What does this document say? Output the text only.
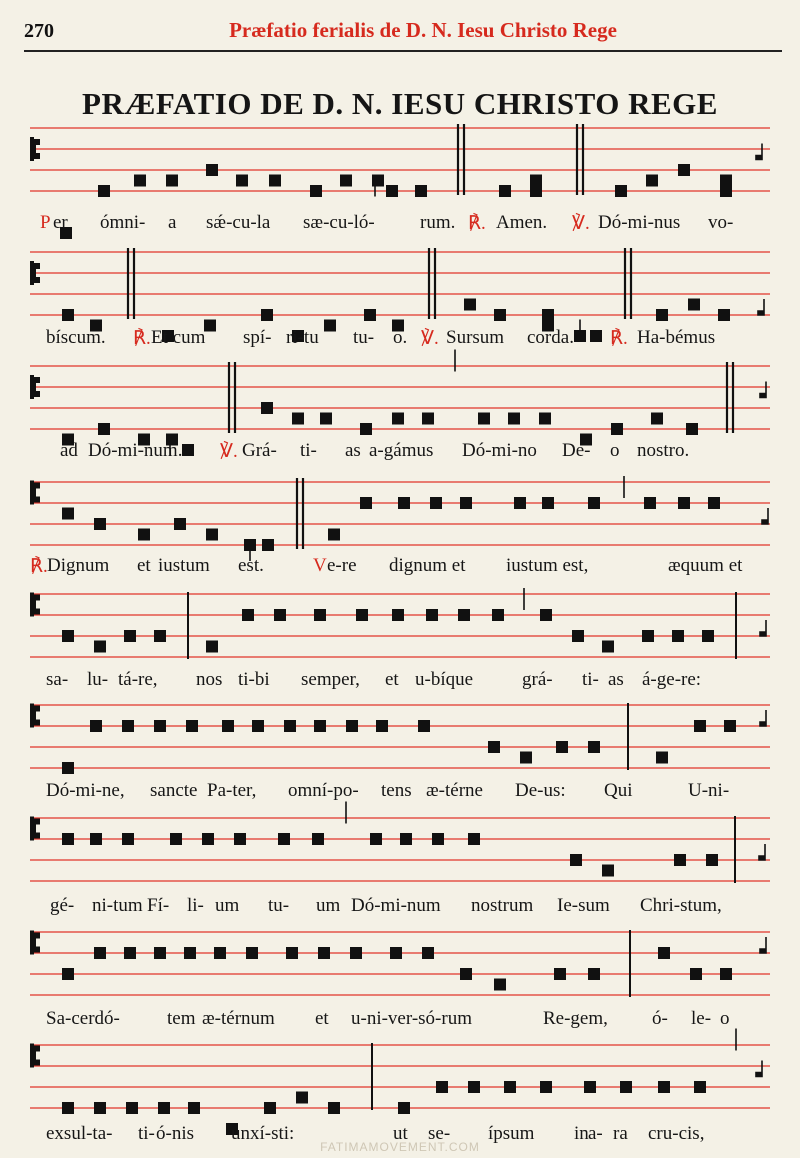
270	Præfatio ferialis de D. N. Iesu Christo Rege
PRÆFATIO DE D. N. IESU CHRISTO REGE
P er ómni- a sǽ-cu-la sæ-cu-ló- rum. ℟. Amen. ℣. Dó-mi-nus vo-
bíscum. ℟. Et cum spí- ri-tu tu- o. ℣. Sursum corda. ℟. Ha-bémus
ad Dó-mi-num. ℣. Grá- ti- as a-gámus Dó-mi-no De- o nostro.
℟. Dignum et iustum est.	V e-re dignum et iustum est,	æquum et
sa- lu- tá-re, nos ti-bi semper, et u-bíque	grá- ti- as á-ge-re:
Dó-mi-ne, sancte Pa-ter, omní-po- tens æ-térne De-us: Qui	U-ni-
gé- ni-tum Fí- li- um tu- um Dó-mi-num nostrum Ie-sum Chri-stum,
Sa-cerdó- tem æ-térnum et u-ni-ver-só-rum	Re-gem, ó- le- o
exsul-ta- ti- ó-nis unxí-sti:	ut se- ípsum in a- ra cru-cis,
FATIMAMOVEMENT.COM
